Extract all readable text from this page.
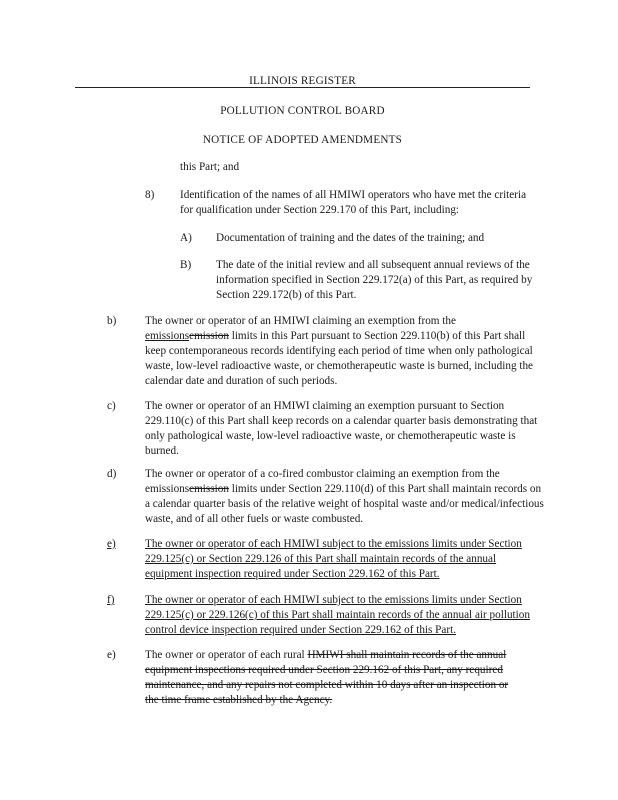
ILLINOIS REGISTER
POLLUTION CONTROL BOARD
NOTICE OF ADOPTED AMENDMENTS
this Part; and
8) Identification of the names of all HMIWI operators who have met the criteria for qualification under Section 229.170 of this Part, including:
A) Documentation of training and the dates of the training; and
B) The date of the initial review and all subsequent annual reviews of the information specified in Section 229.172(a) of this Part, as required by Section 229.172(b) of this Part.
b)	The owner or operator of an HMIWI claiming an exemption from the
emissionsemission limits in this Part pursuant to Section 229.110(b) of this Part shall keep contemporaneous records identifying each period of time when only pathological waste, low-level radioactive waste, or chemotherapeutic waste is burned, including the calendar date and duration of such periods.
c)	The owner or operator of an HMIWI claiming an exemption pursuant to Section 229.110(c) of this Part shall keep records on a calendar quarter basis demonstrating that only pathological waste, low-level radioactive waste, or chemotherapeutic waste is burned.
d)	The owner or operator of a co-fired combustor claiming an exemption from the
emissionsemission limits under Section 229.110(d) of this Part shall maintain records on a calendar quarter basis of the relative weight of hospital waste and/or medical/infectious waste, and of all other fuels or waste combusted.
e)	The owner or operator of each HMIWI subject to the emissions limits under Section 229.125(c) or Section 229.126 of this Part shall maintain records of the annual equipment inspection required under Section 229.162 of this Part.
f)	The owner or operator of each HMIWI subject to the emissions limits under Section 229.125(c) or 229.126(c) of this Part shall maintain records of the annual air pollution control device inspection required under Section 229.162 of this Part.
e)	The owner or operator of each rural HMIWI shall maintain records of the annual
equipment inspections required under Section 229.162 of this Part, any required
maintenance, and any repairs not completed within 10 days after an inspection or
the time frame established by the Agency.
